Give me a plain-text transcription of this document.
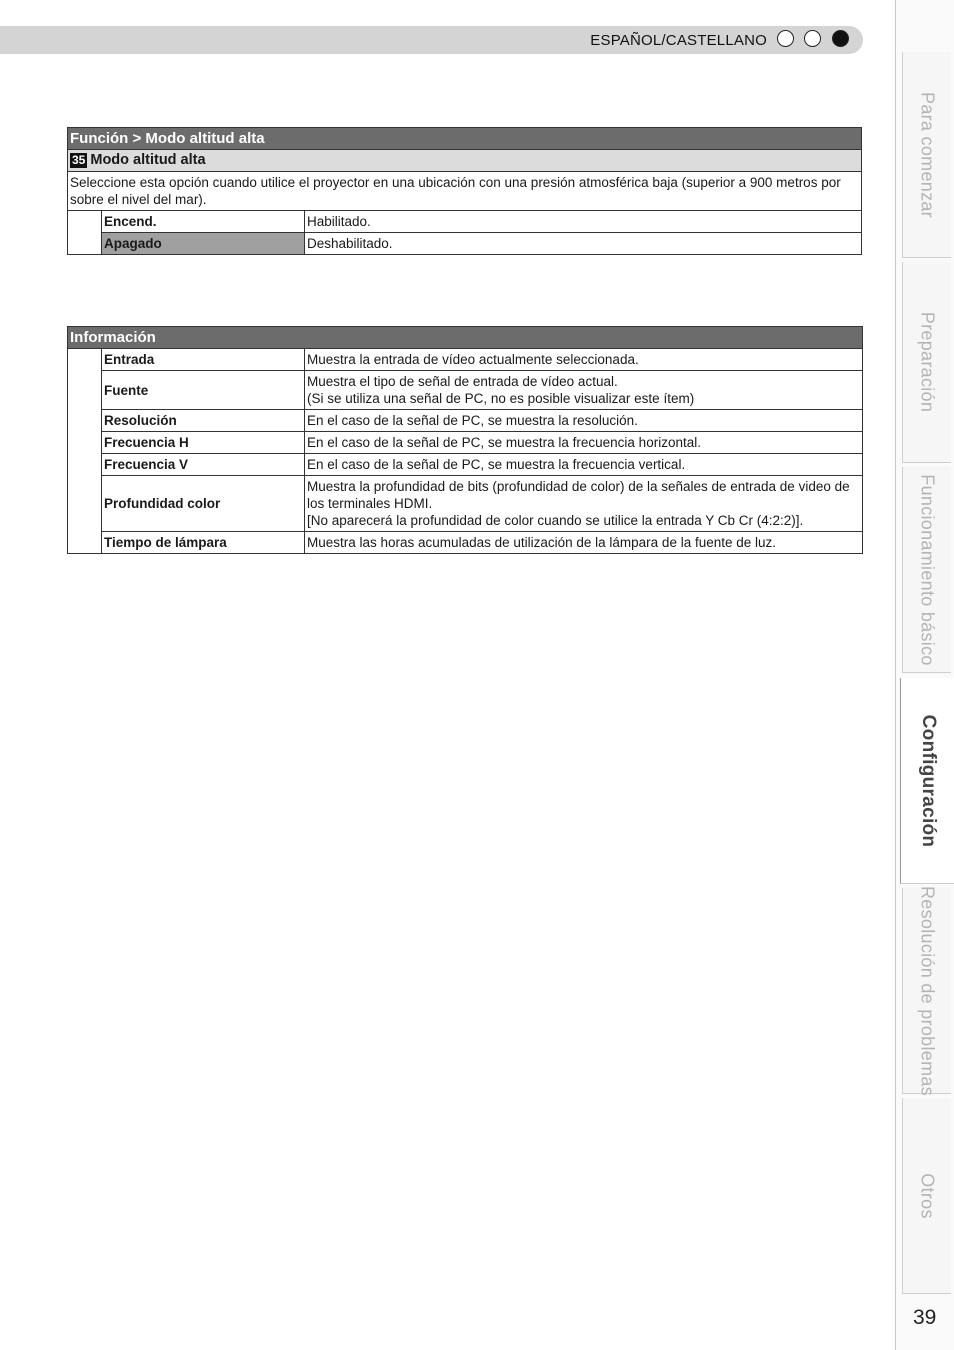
ESPAÑOL/CASTELLANO
Función > Modo altitud alta		
35 Modo altitud alta		
Seleccione esta opción cuando utilice el proyector en una ubicación con una presión atmosférica baja (superior a 900 metros por sobre el nivel del mar).		
	Encend.	Habilitado.
	Apagado	Deshabilitado.
Información		
	Entrada	Muestra la entrada de vídeo actualmente seleccionada.
	Fuente	Muestra el tipo de señal de entrada de vídeo actual.
(Si se utiliza una señal de PC, no es posible visualizar este ítem)

	Resolución	En el caso de la señal de PC, se muestra la resolución.
	Frecuencia H	En el caso de la señal de PC, se muestra la frecuencia horizontal.
	Frecuencia V	En el caso de la señal de PC, se muestra la frecuencia vertical.
	Profundidad color	Muestra la profundidad de bits (profundidad de color) de la señales de entrada de video de los terminales HDMI.
[No aparecerá la profundidad de color cuando se utilice la entrada Y Cb Cr (4:2:2)].

	Tiempo de lámpara	Muestra las horas acumuladas de utilización de la lámpara de la fuente de luz.
Para comenzar
Preparación
Funcionamiento básico
Configuración
Resolución de problemas
Otros
39
